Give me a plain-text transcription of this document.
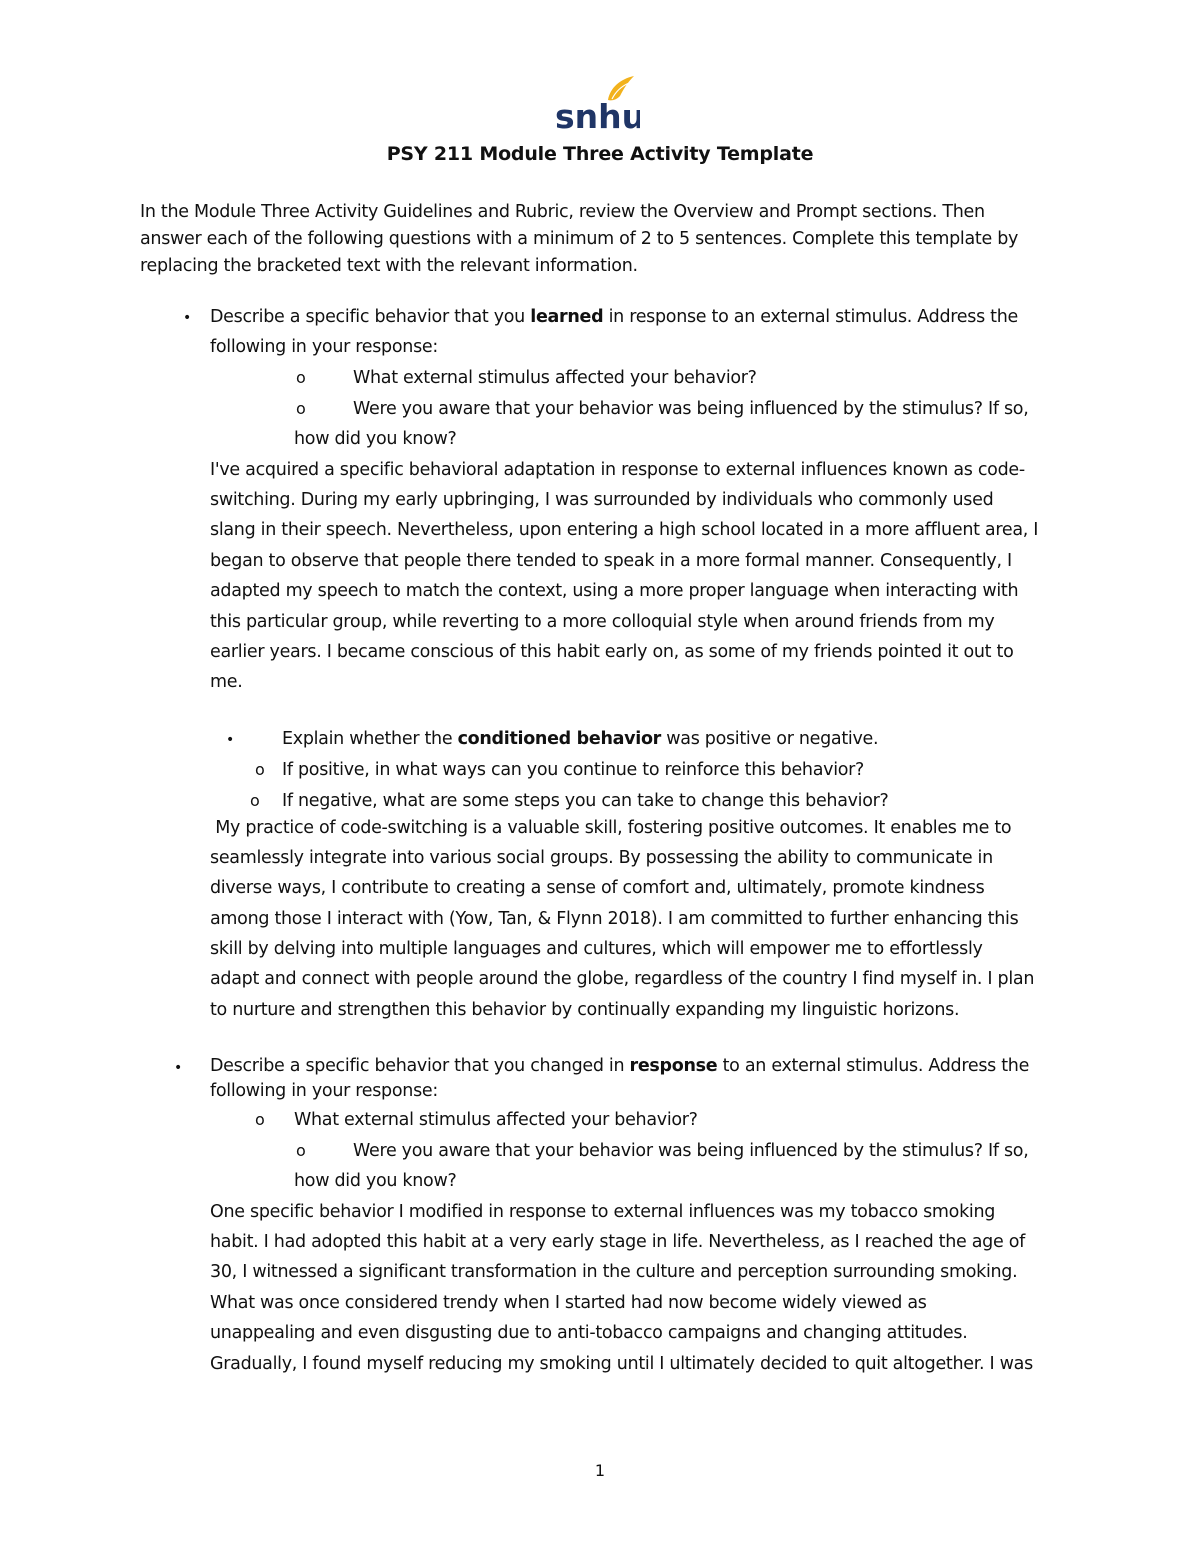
snhu
PSY 211 Module Three Activity Template
In the Module Three Activity Guidelines and Rubric, review the Overview and Prompt sections. Then
answer each of the following questions with a minimum of 2 to 5 sentences. Complete this template by
replacing the bracketed text with the relevant information.
• Describe a specific behavior that you learned in response to an external stimulus. Address the
following in your response:
o	What external stimulus affected your behavior?
o	Were you aware that your behavior was being influenced by the stimulus? If so,
how did you know?
I've acquired a specific behavioral adaptation in response to external influences known as code-
switching. During my early upbringing, I was surrounded by individuals who commonly used
slang in their speech. Nevertheless, upon entering a high school located in a more affluent area, I
began to observe that people there tended to speak in a more formal manner. Consequently, I
adapted my speech to match the context, using a more proper language when interacting with
this particular group, while reverting to a more colloquial style when around friends from my
earlier years. I became conscious of this habit early on, as some of my friends pointed it out to
me.
•	Explain whether the conditioned behavior was positive or negative.
o If positive, in what ways can you continue to reinforce this behavior?
o If negative, what are some steps you can take to change this behavior?
My practice of code-switching is a valuable skill, fostering positive outcomes. It enables me to
seamlessly integrate into various social groups. By possessing the ability to communicate in
diverse ways, I contribute to creating a sense of comfort and, ultimately, promote kindness
among those I interact with (Yow, Tan, & Flynn 2018). I am committed to further enhancing this
skill by delving into multiple languages and cultures, which will empower me to effortlessly
adapt and connect with people around the globe, regardless of the country I find myself in. I plan
to nurture and strengthen this behavior by continually expanding my linguistic horizons.
• Describe a specific behavior that you changed in response to an external stimulus. Address the
following in your response:
o What external stimulus affected your behavior?
o	Were you aware that your behavior was being influenced by the stimulus? If so,
how did you know?
One specific behavior I modified in response to external influences was my tobacco smoking
habit. I had adopted this habit at a very early stage in life. Nevertheless, as I reached the age of
30, I witnessed a significant transformation in the culture and perception surrounding smoking.
What was once considered trendy when I started had now become widely viewed as
unappealing and even disgusting due to anti-tobacco campaigns and changing attitudes.
Gradually, I found myself reducing my smoking until I ultimately decided to quit altogether. I was
1
